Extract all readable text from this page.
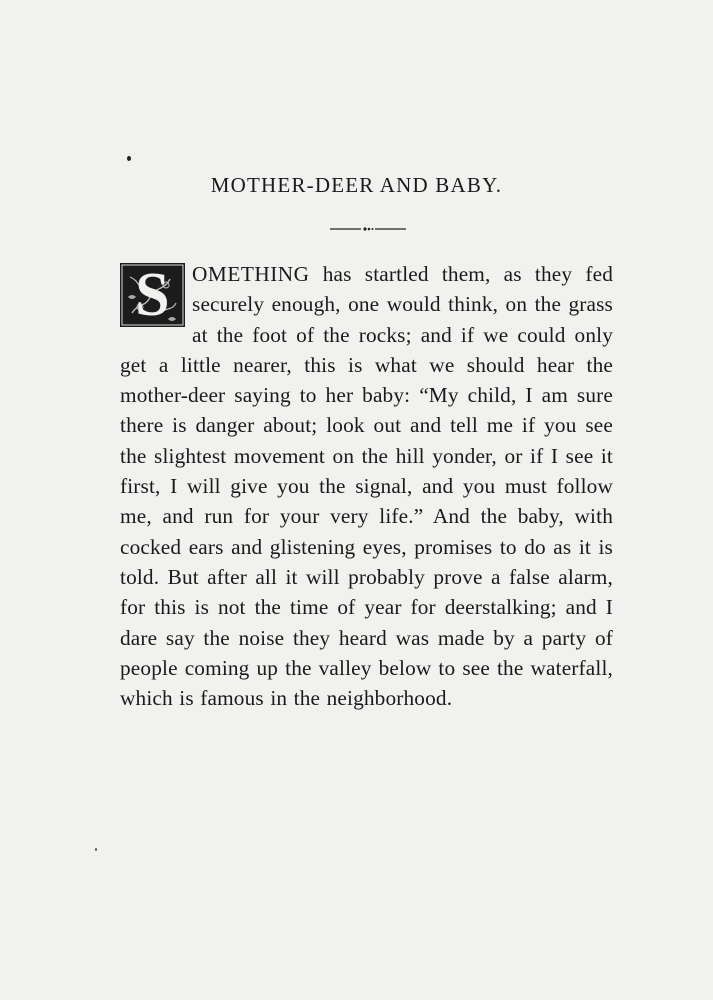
MOTHER-DEER AND BABY.
S	OMETHING has startled them, as they fed securely enough, one would think, on the grass at the foot of the rocks; and if we could only get a little nearer, this is what we should hear the mother-deer saying to her baby: “My child, I am sure there is danger about; look out and tell me if you see the slightest movement on the hill yonder, or if I see it first, I will give you the signal, and you must follow me, and run for your very life.” And the baby, with cocked ears and glistening eyes, promises to do as it is told. But after all it will probably prove a false alarm, for this is not the time of year for deerstalking; and I dare say the noise they heard was made by a party of people coming up the valley below to see the waterfall, which is famous in the neighborhood.
